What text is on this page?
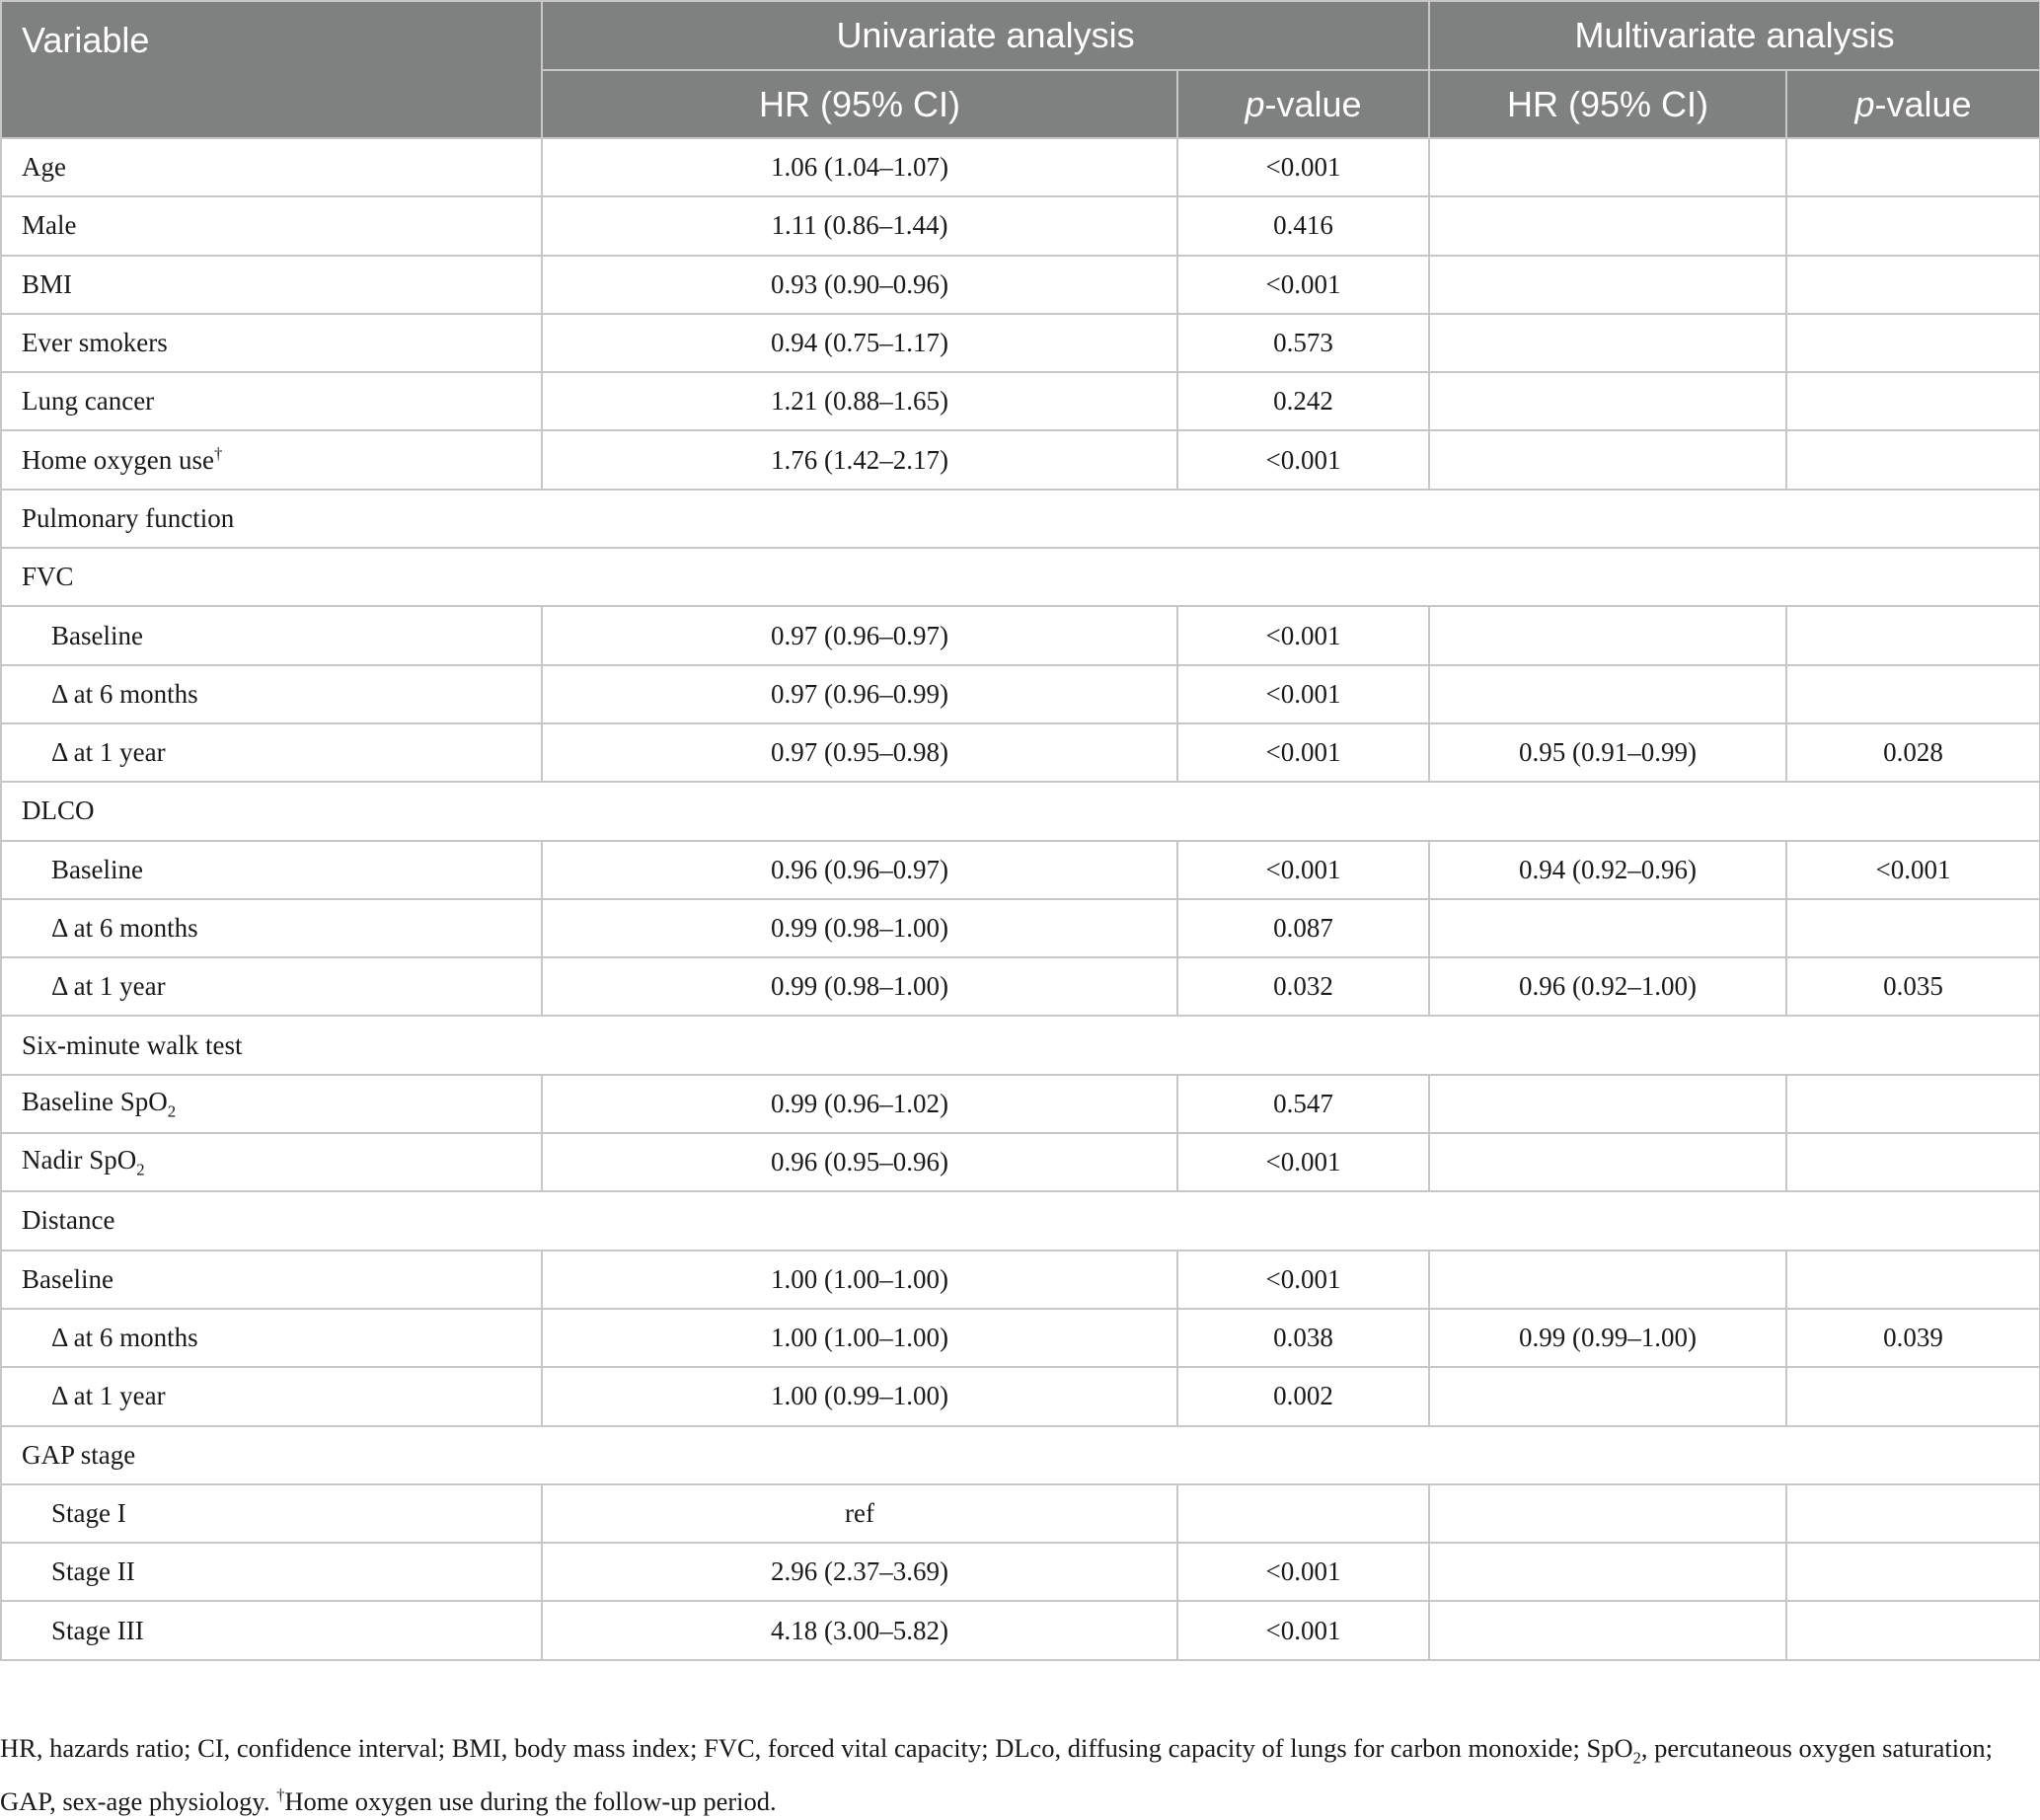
Variable	Univariate analysis		Multivariate analysis	
	HR (95% CI)	p-value	HR (95% CI)	p-value
Age	1.06 (1.04–1.07)	<0.001		
Male	1.11 (0.86–1.44)	0.416		
BMI	0.93 (0.90–0.96)	<0.001		
Ever smokers	0.94 (0.75–1.17)	0.573		
Lung cancer	1.21 (0.88–1.65)	0.242		
Home oxygen use†	1.76 (1.42–2.17)	<0.001		
Pulmonary function				
FVC				
Baseline	0.97 (0.96–0.97)	<0.001		
Δ at 6 months	0.97 (0.96–0.99)	<0.001		
Δ at 1 year	0.97 (0.95–0.98)	<0.001	0.95 (0.91–0.99)	0.028
DLCO				
Baseline	0.96 (0.96–0.97)	<0.001	0.94 (0.92–0.96)	<0.001
Δ at 6 months	0.99 (0.98–1.00)	0.087		
Δ at 1 year	0.99 (0.98–1.00)	0.032	0.96 (0.92–1.00)	0.035
Six-minute walk test				
Baseline SpO$_2$	0.99 (0.96–1.02)	0.547		
Nadir SpO$_2$	0.96 (0.95–0.96)	<0.001		
Distance				
Baseline	1.00 (1.00–1.00)	<0.001		
Δ at 6 months	1.00 (1.00–1.00)	0.038	0.99 (0.99–1.00)	0.039
Δ at 1 year	1.00 (0.99–1.00)	0.002		
GAP stage				
Stage I	ref			
Stage II	2.96 (2.37–3.69)	<0.001		
Stage III	4.18 (3.00–5.82)	<0.001		
HR, hazards ratio; CI, confidence interval; BMI, body mass index; FVC, forced vital capacity; DLco, diffusing capacity of lungs for carbon monoxide; SpO$_2$, percutaneous oxygen saturation; GAP, sex-age physiology. †Home oxygen use during the follow-up period.
